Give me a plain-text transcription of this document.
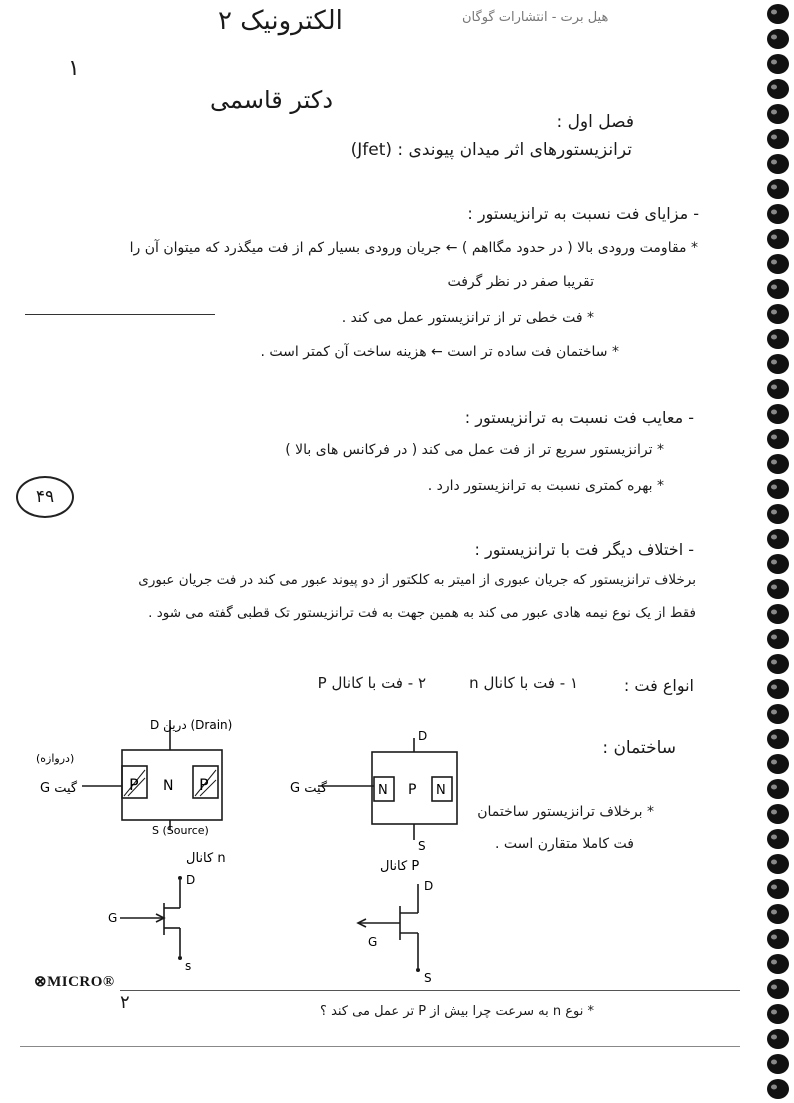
الکترونیک ۲
دکتر قاسمی
هیل برت - انتشارات گوگان
۱
فصل اول :
ترانزیستورهای اثر میدان پیوندی : (Jfet)
- مزایای فت نسبت به ترانزیستور :
* مقاومت ورودی بالا ( در حدود مگااهم ) ← جریان ورودی بسیار کم از فت میگذرد که میتوان آن را
تقریبا صفر در نظر گرفت
* فت خطی تر از ترانزیستور عمل می کند .
* ساختمان فت ساده تر است ← هزینه ساخت آن کمتر است .
- معایب فت نسبت به ترانزیستور :
* ترانزیستور سریع تر از فت عمل می کند ( در فرکانس های بالا )
* بهره کمتری نسبت به ترانزیستور دارد .
۴۹
- اختلاف دیگر فت با ترانزیستور :
برخلاف ترانزیستور که جریان عبوری از امیتر به کلکتور از دو پیوند عبور می کند در فت جریان عبوری
فقط از یک نوع نیمه هادی عبور می کند به همین جهت به فت ترانزیستور تک قطبی گفته می شود .
انواع فت :
۱ - فت با کانال n
۲ - فت با کانال P
ساختمان :
* برخلاف ترانزیستور ساختمان
فت کاملا متقارن است .
D درین (Drain)
G گیت
(دروازه)
S (Source)
P N P
کانال n
D
G
s
D
G گیت
S
N P N
کانال P
D
G
S
⊗MICRO®
۲	* نوع n به سرعت چرا بیش از P تر عمل می کند ؟
